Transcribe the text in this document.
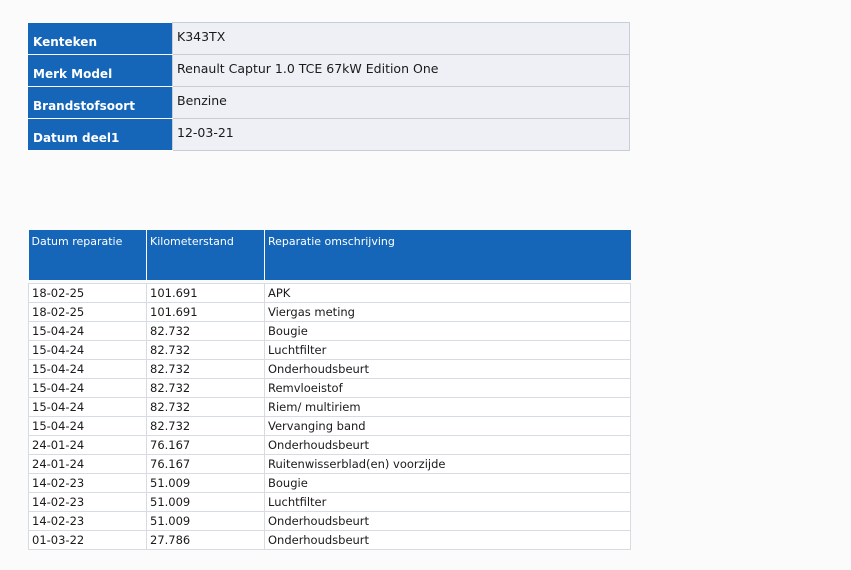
Kenteken	K343TX
Merk Model	Renault Captur 1.0 TCE 67kW Edition One
Brandstofsoort	Benzine
Datum deel1	12-03-21
Datum reparatie	Kilometerstand	Reparatie omschrijving

18-02-25	101.691	APK
18-02-25	101.691	Viergas meting
15-04-24	82.732	Bougie
15-04-24	82.732	Luchtfilter
15-04-24	82.732	Onderhoudsbeurt
15-04-24	82.732	Remvloeistof
15-04-24	82.732	Riem/ multiriem
15-04-24	82.732	Vervanging band
24-01-24	76.167	Onderhoudsbeurt
24-01-24	76.167	Ruitenwisserblad(en) voorzijde
14-02-23	51.009	Bougie
14-02-23	51.009	Luchtfilter
14-02-23	51.009	Onderhoudsbeurt
01-03-22	27.786	Onderhoudsbeurt
